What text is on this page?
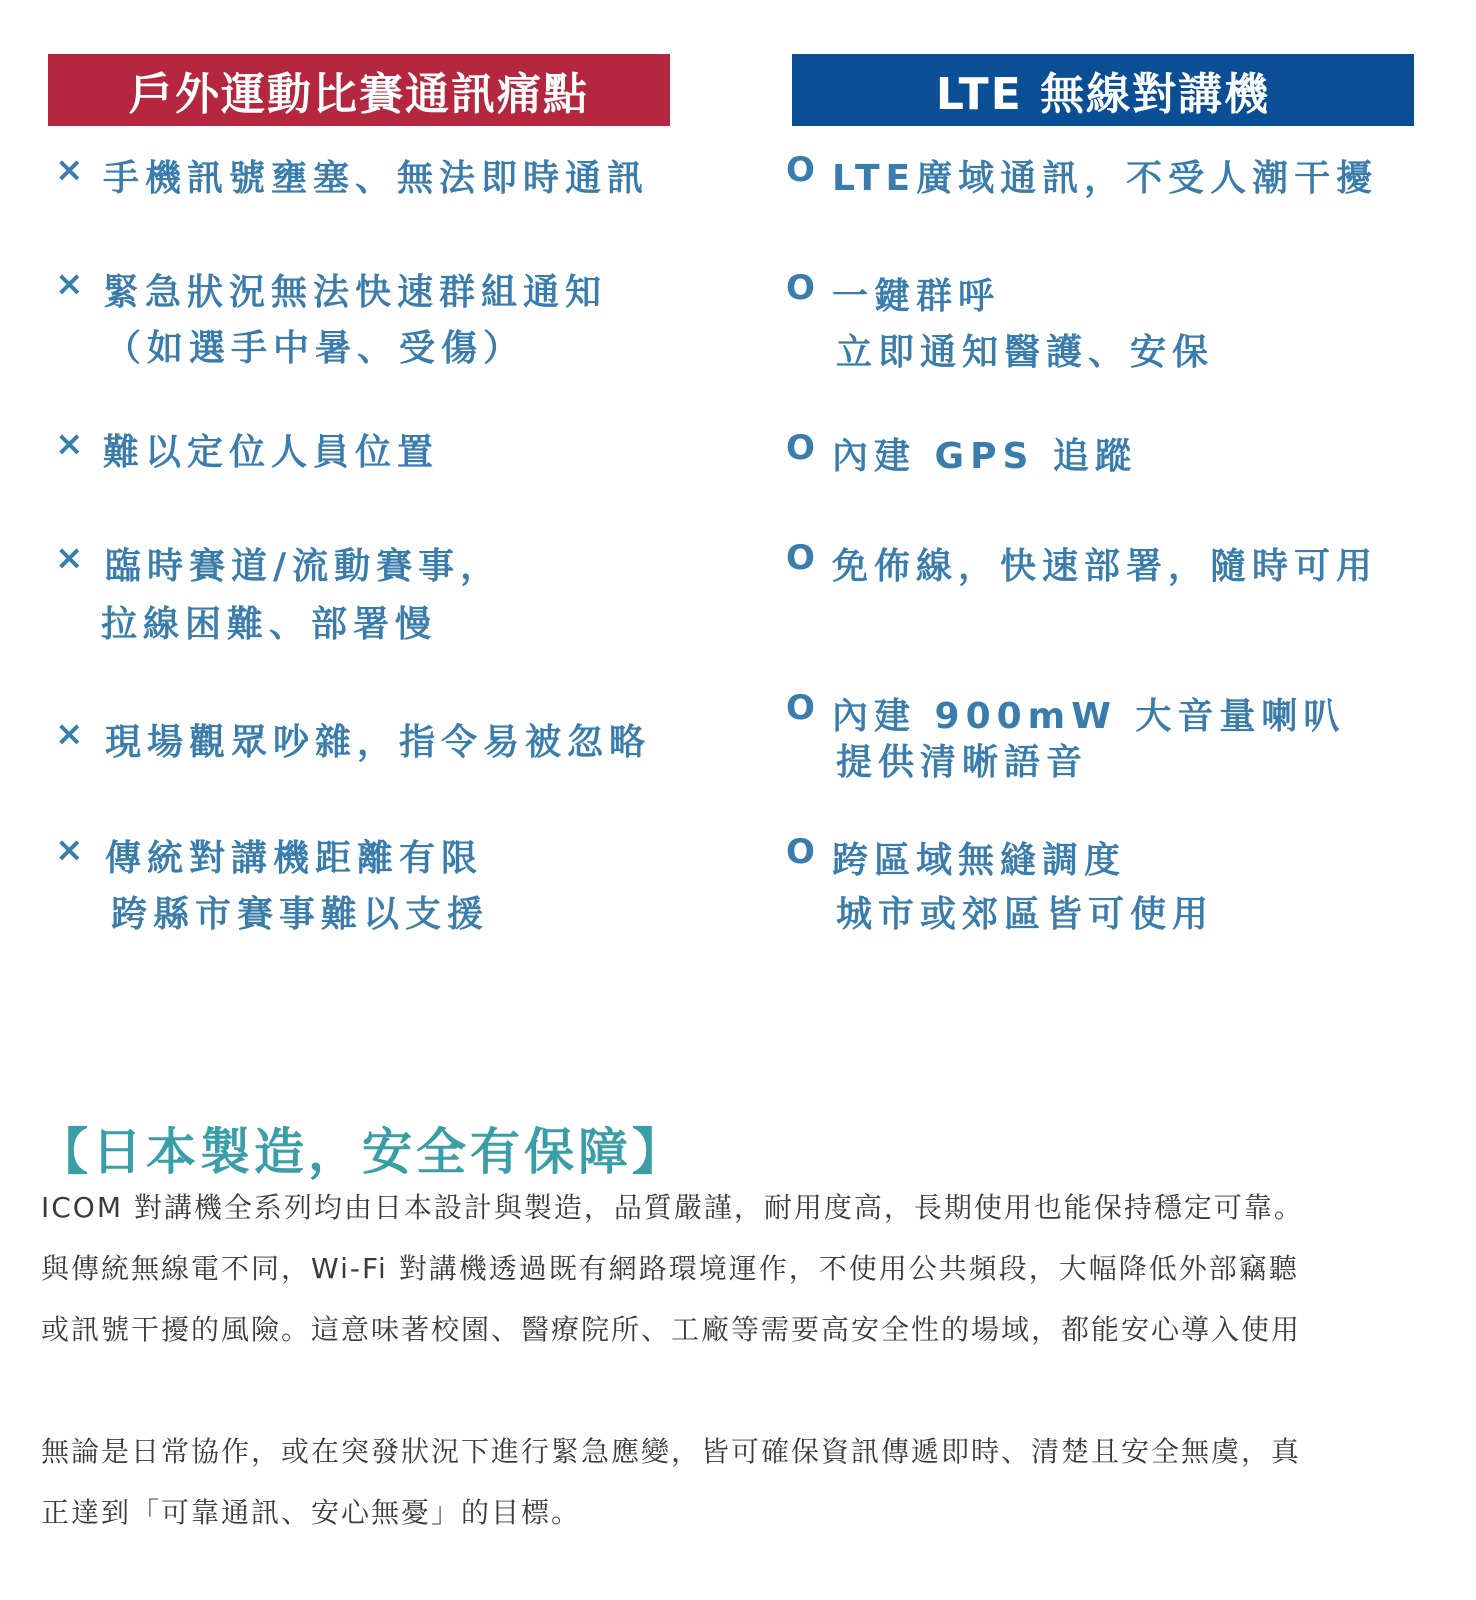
戶外運動比賽通訊痛點	LTE 無線對講機
× 手機訊號壅塞、無法即時通訊
× 緊急狀況無法快速群組通知
（如選手中暑、受傷）
× 難以定位人員位置
× 臨時賽道/流動賽事，
拉線困難、部署慢
× 現場觀眾吵雜，指令易被忽略
× 傳統對講機距離有限
跨縣市賽事難以支援
O LTE廣域通訊，不受人潮干擾
O 一鍵群呼
立即通知醫護、安保
O 內建 GPS 追蹤
O 免佈線，快速部署，隨時可用
O 內建 900mW 大音量喇叭
提供清晰語音
O 跨區域無縫調度
城市或郊區皆可使用
【日本製造，安全有保障】
ICOM 對講機全系列均由日本設計與製造，品質嚴謹，耐用度高，長期使用也能保持穩定可靠。
與傳統無線電不同，Wi-Fi 對講機透過既有網路環境運作，不使用公共頻段，大幅降低外部竊聽
或訊號干擾的風險。這意味著校園、醫療院所、工廠等需要高安全性的場域，都能安心導入使用
無論是日常協作，或在突發狀況下進行緊急應變，皆可確保資訊傳遞即時、清楚且安全無虞，真
正達到「可靠通訊、安心無憂」的目標。
